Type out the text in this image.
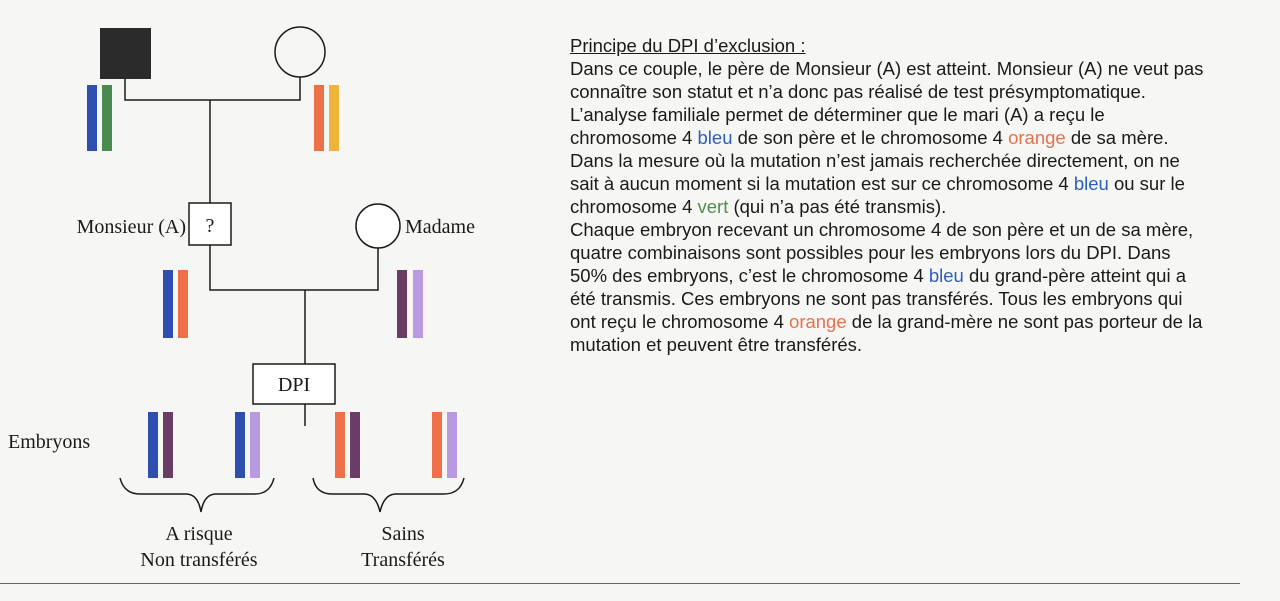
Monsieur (A) ?	Madame
DPI
Embryons
A risque
Non transférés
Sains
Transférés

Principe du DPI d’exclusion :

Dans ce couple, le père de Monsieur (A) est atteint. Monsieur (A) ne veut pas connaître son statut et n’a donc pas réalisé de test présymptomatique.

L’analyse familiale permet de déterminer que le mari (A) a reçu le chromosome 4 bleu de son père et le chromosome 4 orange de sa mère. Dans la mesure où la mutation n’est jamais recherchée directement, on ne sait à aucun moment si la mutation est sur ce chromosome 4 bleu ou sur le chromosome 4 vert (qui n’a pas été transmis).

Chaque embryon recevant un chromosome 4 de son père et un de sa mère, quatre combinaisons sont possibles pour les embryons lors du DPI. Dans 50% des embryons, c’est le chromosome 4 bleu du grand-père atteint qui a été transmis. Ces embryons ne sont pas transférés. Tous les embryons qui ont reçu le chromosome 4 orange de la grand-mère ne sont pas porteur de la mutation et peuvent être transférés.
